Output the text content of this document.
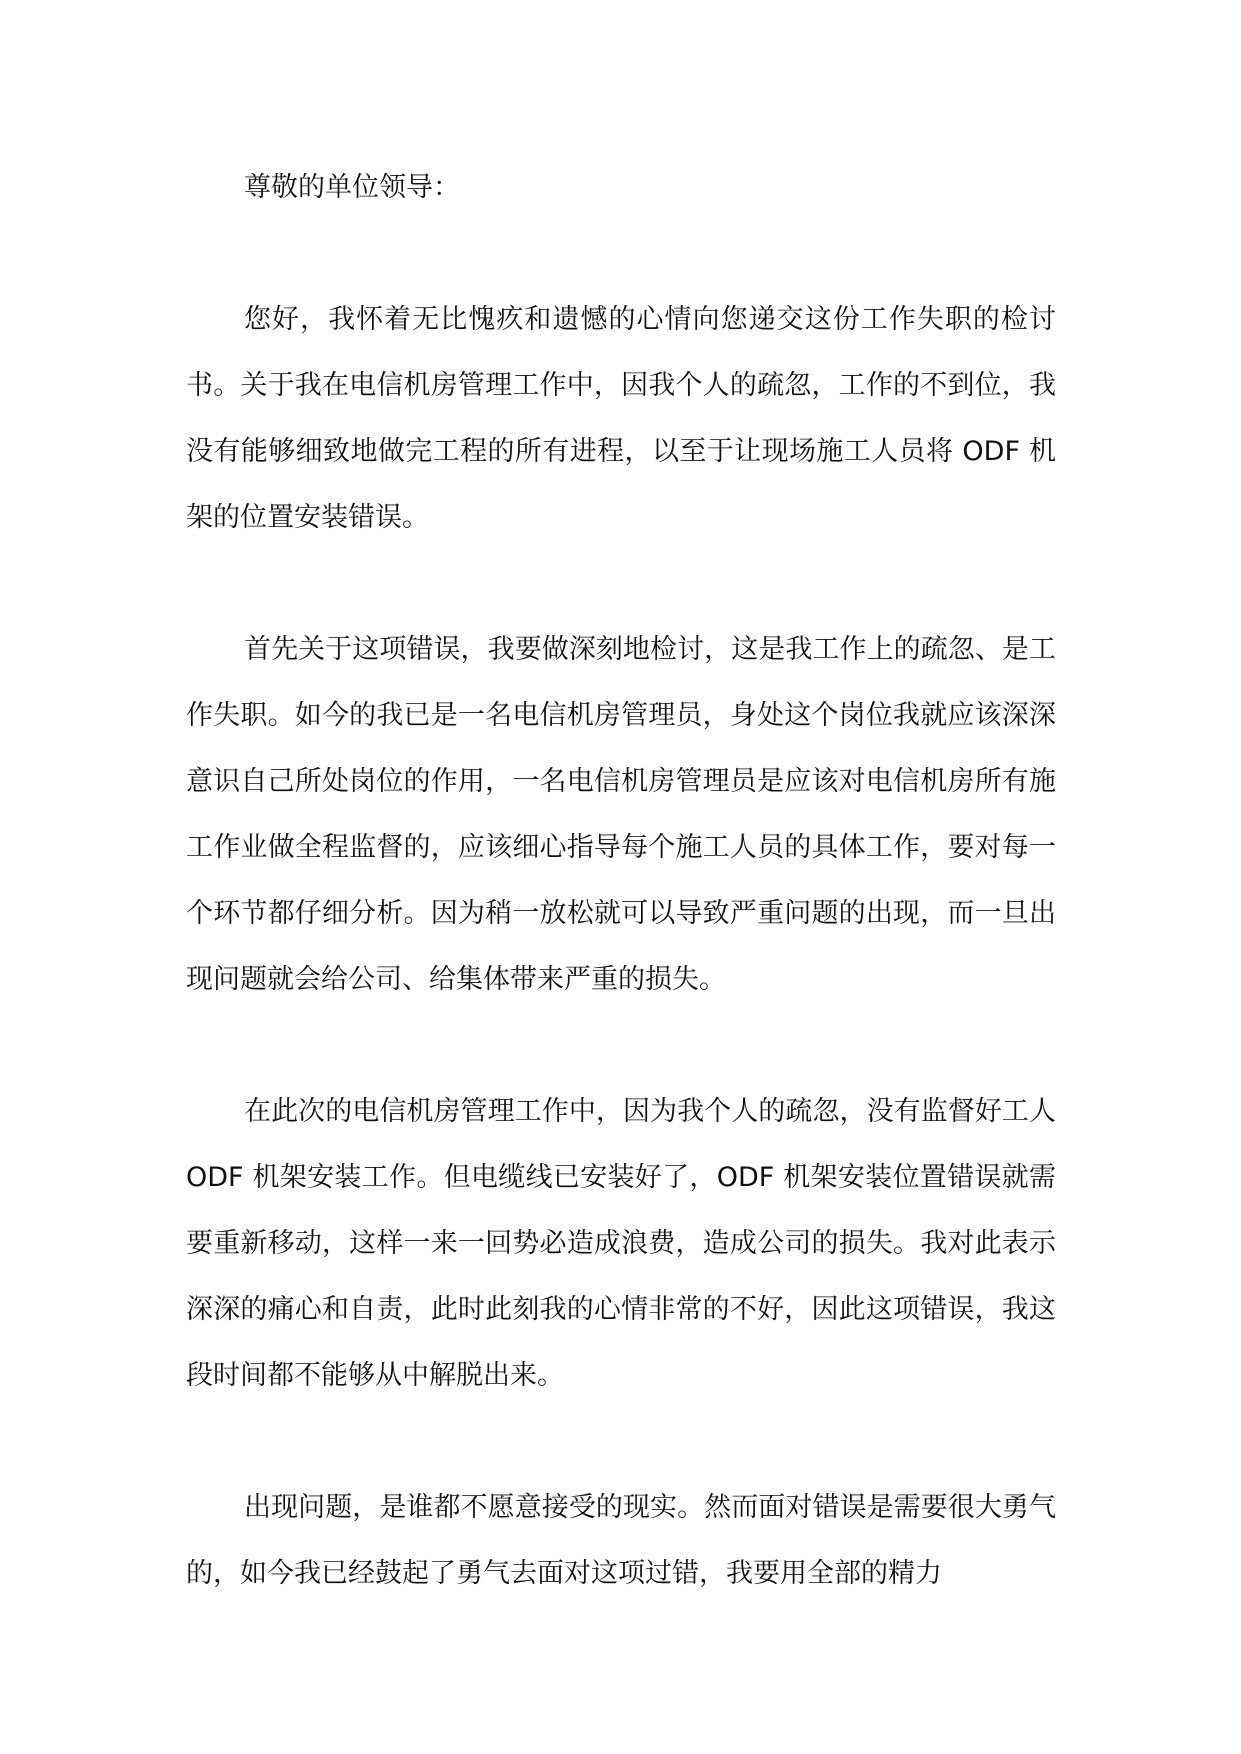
尊敬的单位领导：

您好，我怀着无比愧疚和遗憾的心情向您递交这份工作失职的检讨书。关于我在电信机房管理工作中，因我个人的疏忽，工作的不到位，我没有能够细致地做完工程的所有进程，以至于让现场施工人员将 ODF 机架的位置安装错误。

首先关于这项错误，我要做深刻地检讨，这是我工作上的疏忽、是工作失职。如今的我已是一名电信机房管理员，身处这个岗位我就应该深深意识自己所处岗位的作用，一名电信机房管理员是应该对电信机房所有施工作业做全程监督的，应该细心指导每个施工人员的具体工作，要对每一个环节都仔细分析。因为稍一放松就可以导致严重问题的出现，而一旦出现问题就会给公司、给集体带来严重的损失。

在此次的电信机房管理工作中，因为我个人的疏忽，没有监督好工人 ODF 机架安装工作。但电缆线已安装好了，ODF 机架安装位置错误就需要重新移动，这样一来一回势必造成浪费，造成公司的损失。我对此表示深深的痛心和自责，此时此刻我的心情非常的不好，因此这项错误，我这段时间都不能够从中解脱出来。

出现问题，是谁都不愿意接受的现实。然而面对错误是需要很大勇气的，如今我已经鼓起了勇气去面对这项过错，我要用全部的精力
